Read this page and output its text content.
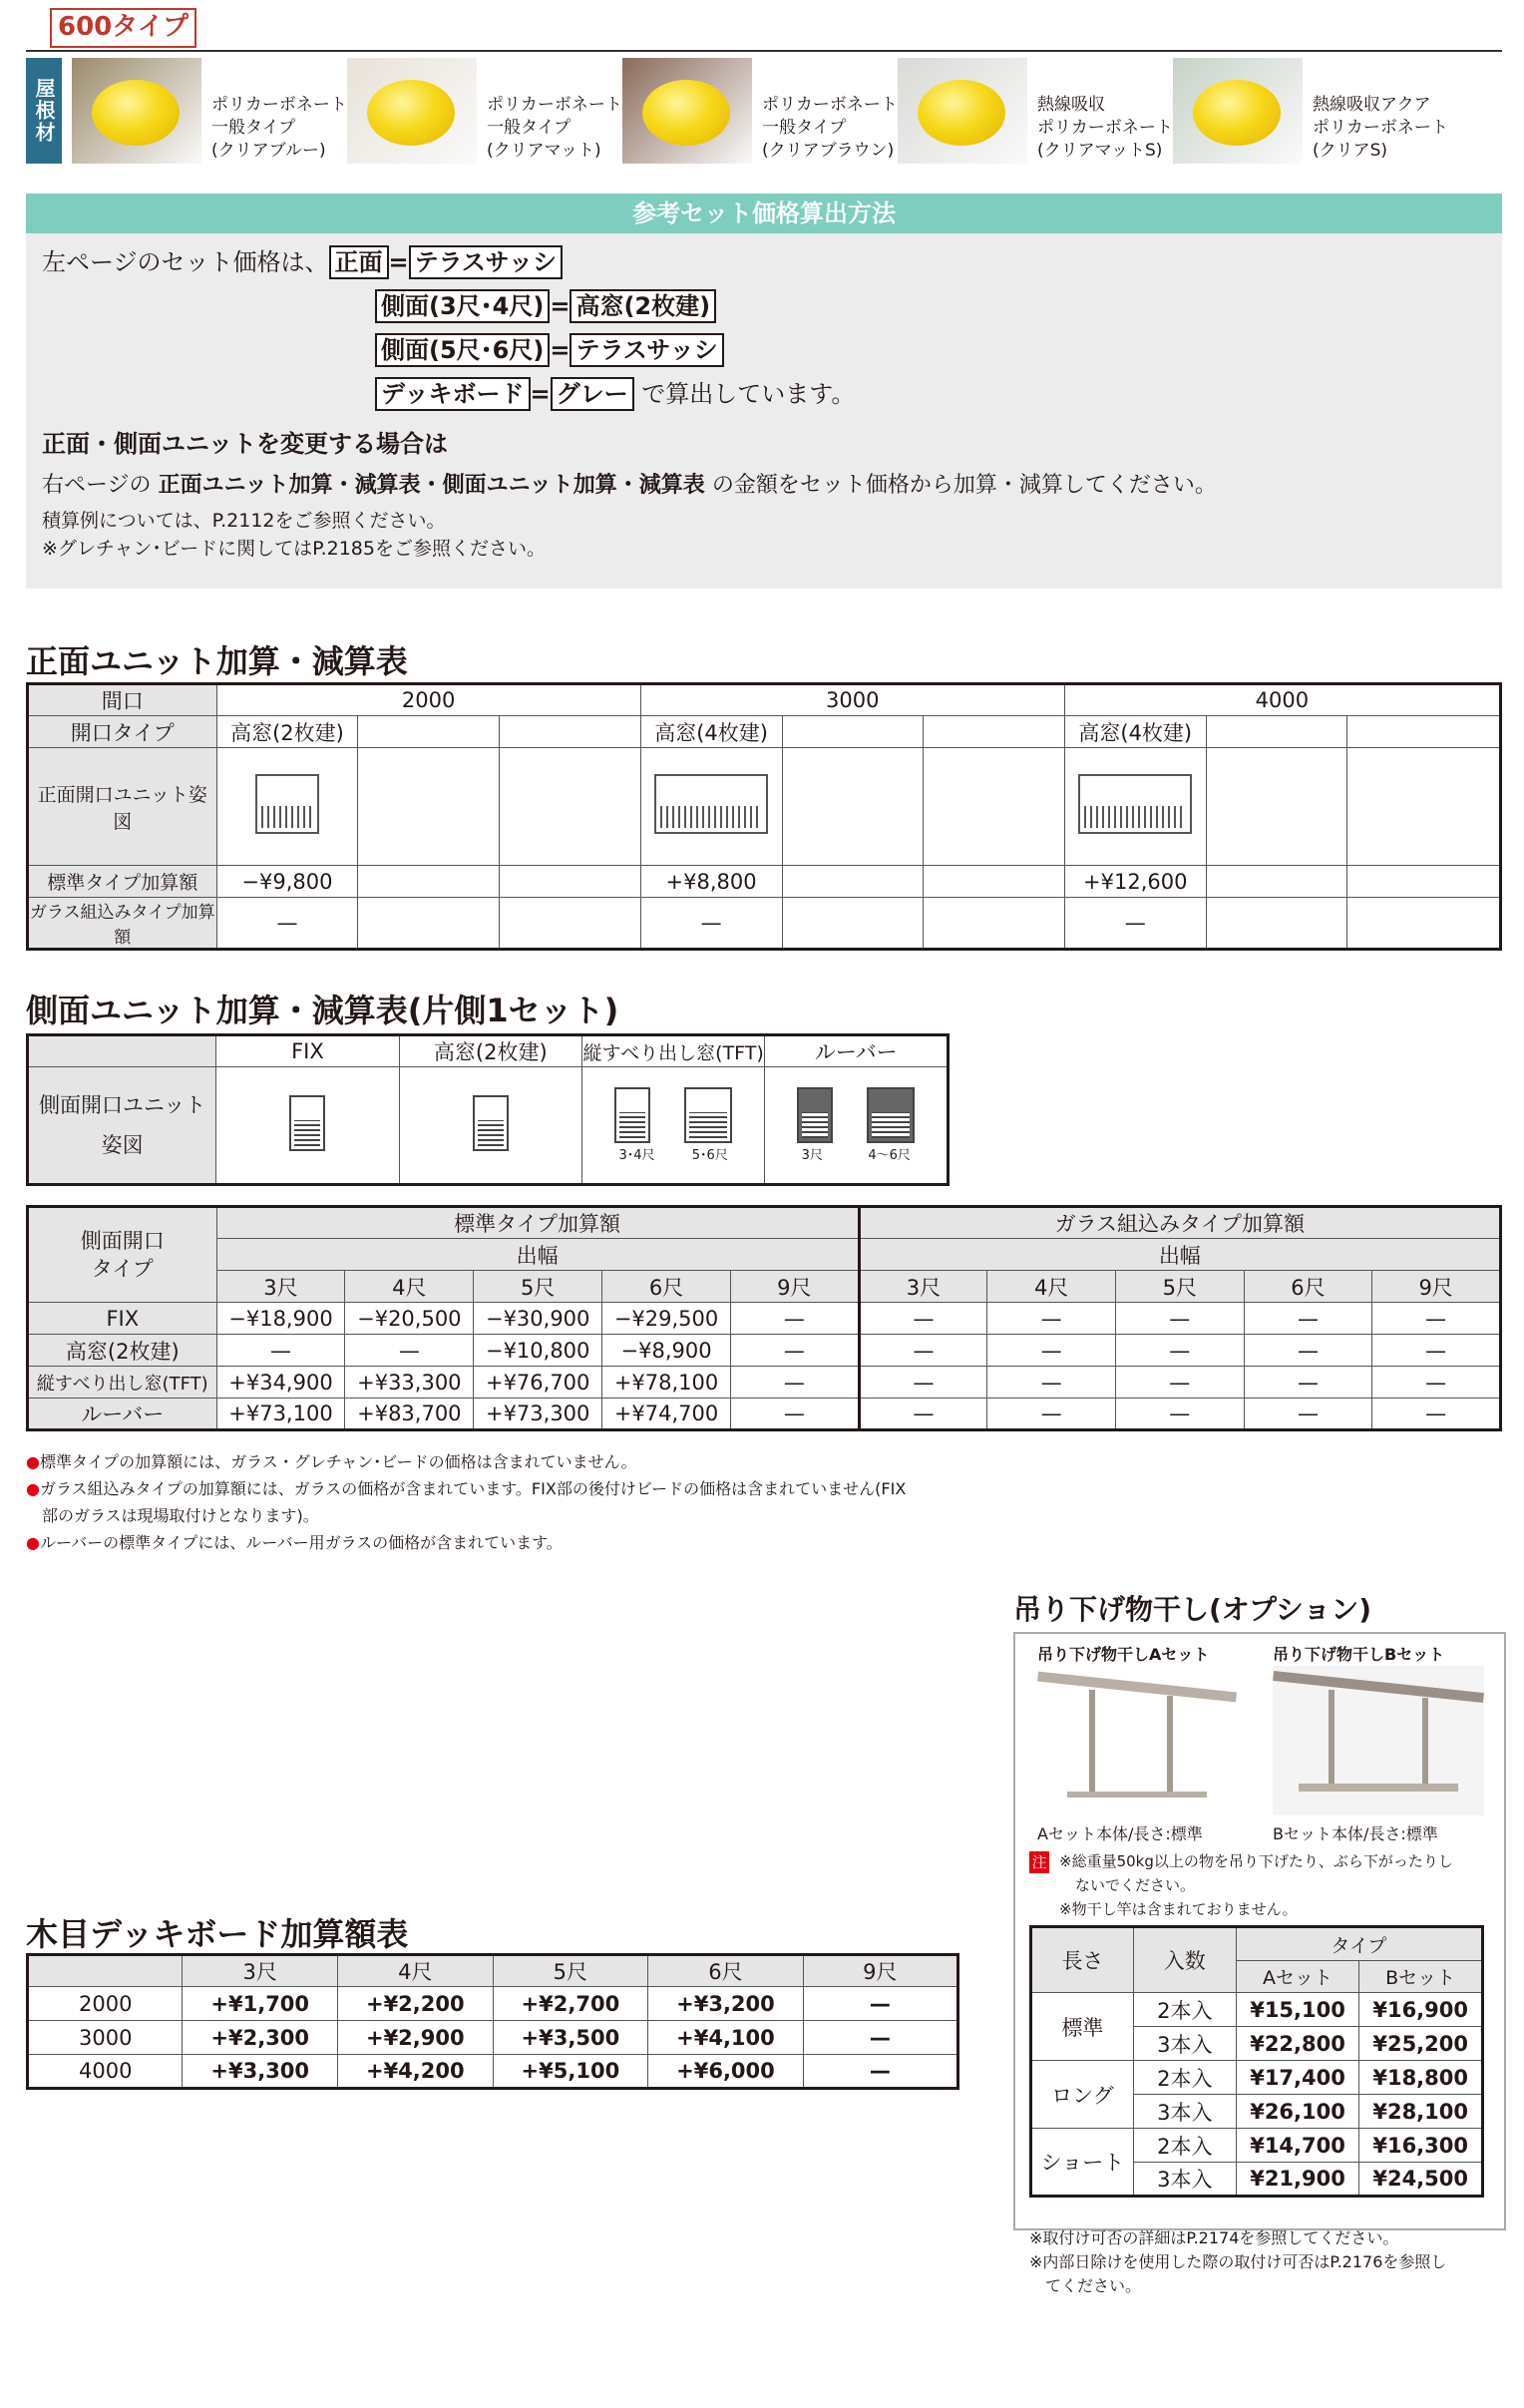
600タイプ
屋根材	ポリカーボネート
一般タイプ
(クリアブルー)
ポリカーボネート
一般タイプ
(クリアマット)
ポリカーボネート
一般タイプ
(クリアブラウン)
熱線吸収
ポリカーボネート
(クリアマットS)
熱線吸収アクア
ポリカーボネート
(クリアS)
参考セット価格算出方法
左ページのセット価格は、 正面 = テラスサッシ
側面(3尺･4尺) = 高窓(2枚建)
側面(5尺･6尺) = テラスサッシ
デッキボード = グレー で算出しています。
正面・側面ユニットを変更する場合は
右ページの 正面ユニット加算・減算表・側面ユニット加算・減算表 の金額をセット価格から加算・減算してください。
積算例については、P.2112をご参照ください。
※グレチャン･ビードに関してはP.2185をご参照ください。
正面ユニット加算・減算表
間口	2000			3000			4000		
開口タイプ	高窓(2枚建)			高窓(4枚建)			高窓(4枚建)		
正面開口ユニット姿図									
標準タイプ加算額	−¥9,800			+¥8,800			+¥12,600		
ガラス組込みタイプ加算額	—			—			—		
側面ユニット加算・減算表(片側1セット)
	FIX	高窓(2枚建)	縦すべり出し窓(TFT)	ルーバー
側面開口ユニット
姿図			3･4尺 5･6尺	3尺 4〜6尺
側面開口
タイプ	標準タイプ加算額					ガラス組込みタイプ加算額				
	出幅					出幅				
	3尺	4尺	5尺	6尺	9尺	3尺	4尺	5尺	6尺	9尺
FIX	−¥18,900	−¥20,500	−¥30,900	−¥29,500	—	—	—	—	—	—
高窓(2枚建)	—	—	−¥10,800	−¥8,900	—	—	—	—	—	—
縦すべり出し窓(TFT)	+¥34,900	+¥33,300	+¥76,700	+¥78,100	—	—	—	—	—	—
ルーバー	+¥73,100	+¥83,700	+¥73,300	+¥74,700	—	—	—	—	—	—
●標準タイプの加算額には、ガラス・グレチャン･ビードの価格は含まれていません。
●ガラス組込みタイプの加算額には、ガラスの価格が含まれています。FIX部の後付けビードの価格は含まれていません(FIX
部のガラスは現場取付けとなります)。
●ルーバーの標準タイプには、ルーバー用ガラスの価格が含まれています。
吊り下げ物干し(オプション)
吊り下げ物干しAセット	吊り下げ物干しBセット
Aセット本体/長さ:標準	Bセット本体/長さ:標準
注 ※総重量50kg以上の物を吊り下げたり、ぶら下がったりし
ないでください。
※物干し竿は含まれておりません。
長さ	入数	タイプ	
		Aセット	Bセット
標準	2本入	¥15,100	¥16,900
	3本入	¥22,800	¥25,200
ロング	2本入	¥17,400	¥18,800
	3本入	¥26,100	¥28,100
ショート	2本入	¥14,700	¥16,300
	3本入	¥21,900	¥24,500
※取付け可否の詳細はP.2174を参照してください。
※内部日除けを使用した際の取付け可否はP.2176を参照し
てください。
木目デッキボード加算額表
	3尺	4尺	5尺	6尺	9尺
2000	+¥1,700	+¥2,200	+¥2,700	+¥3,200	—
3000	+¥2,300	+¥2,900	+¥3,500	+¥4,100	—
4000	+¥3,300	+¥4,200	+¥5,100	+¥6,000	—
